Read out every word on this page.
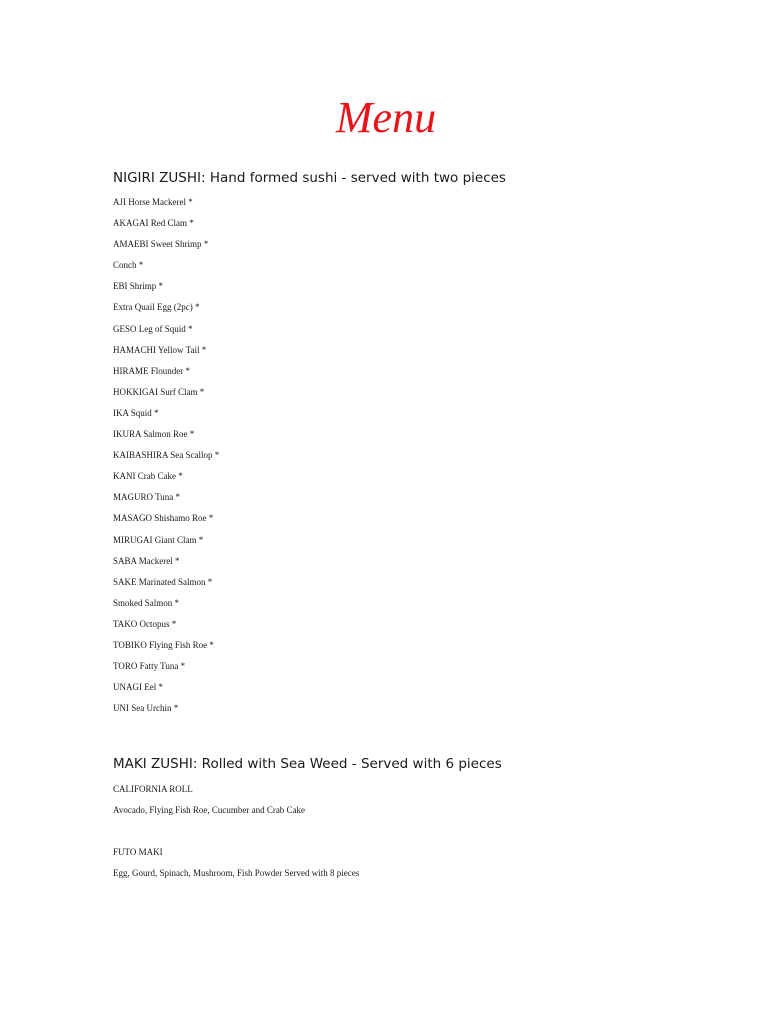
Menu
NIGIRI ZUSHI: Hand formed sushi - served with two pieces
AJI Horse Mackerel *
AKAGAI Red Clam *
AMAEBI Sweet Shrimp *
Conch *
EBI Shrimp *
Extra Quail Egg (2pc) *
GESO Leg of Squid *
HAMACHI Yellow Tail *
HIRAME Flounder *
HOKKIGAI Surf Clam *
IKA Squid *
IKURA Salmon Roe *
KAIBASHIRA Sea Scallop *
KANI Crab Cake *
MAGURO Tuna *
MASAGO Shishamo Roe *
MIRUGAI Giant Clam *
SABA Mackerel *
SAKE Marinated Salmon *
Smoked Salmon *
TAKO Octopus *
TOBIKO Flying Fish Roe *
TORO Fatty Tuna *
UNAGI Eel *
UNI Sea Urchin *
MAKI ZUSHI: Rolled with Sea Weed - Served with 6 pieces
CALIFORNIA ROLL
Avocado, Flying Fish Roe, Cucumber and Crab Cake
FUTO MAKI
Egg, Gourd, Spinach, Mushroom, Fish Powder Served with 8 pieces
